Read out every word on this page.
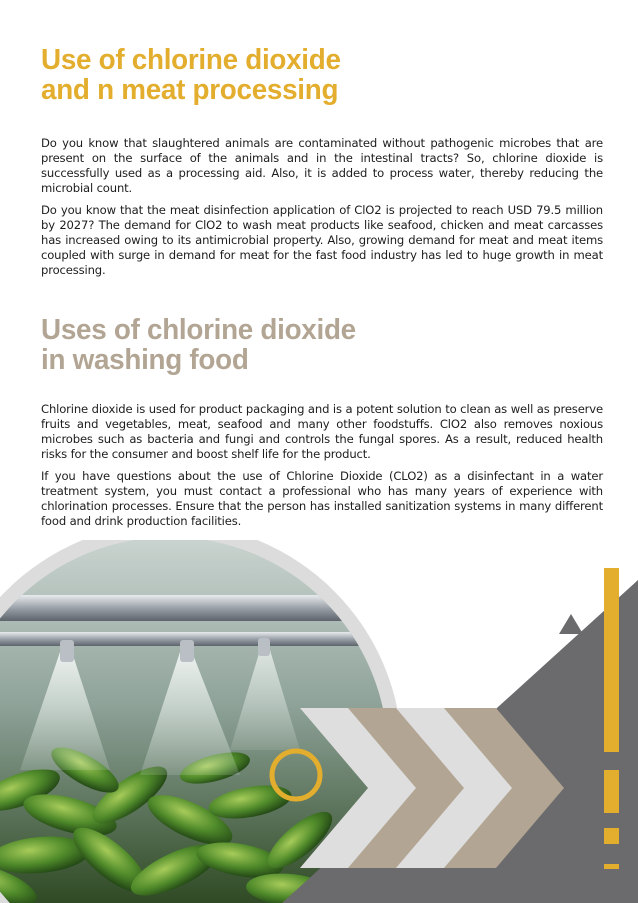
Use of chlorine dioxide
and n meat processing

Do you know that slaughtered animals are contaminated without pathogenic microbes that are present on the surface of the animals and in the intestinal tracts? So, chlorine dioxide is successfully used as a processing aid. Also, it is added to process water, thereby reducing the microbial count.

Do you know that the meat disinfection application of ClO2 is projected to reach USD 79.5 million by 2027? The demand for ClO2 to wash meat products like seafood, chicken and meat carcasses has increased owing to its antimicrobial property. Also, growing demand for meat and meat items coupled with surge in demand for meat for the fast food industry has led to huge growth in meat processing.

Uses of chlorine dioxide
in washing food

Chlorine dioxide is used for product packaging and is a potent solution to clean as well as preserve fruits and vegetables, meat, seafood and many other foodstuffs. ClO2 also removes noxious microbes such as bacteria and fungi and controls the fungal spores. As a result, reduced health risks for the consumer and boost shelf life for the product.

If you have questions about the use of Chlorine Dioxide (CLO2) as a disinfectant in a water treatment system, you must contact a professional who has many years of experience with chlorination processes. Ensure that the person has installed sanitization systems in many different food and drink production facilities.
